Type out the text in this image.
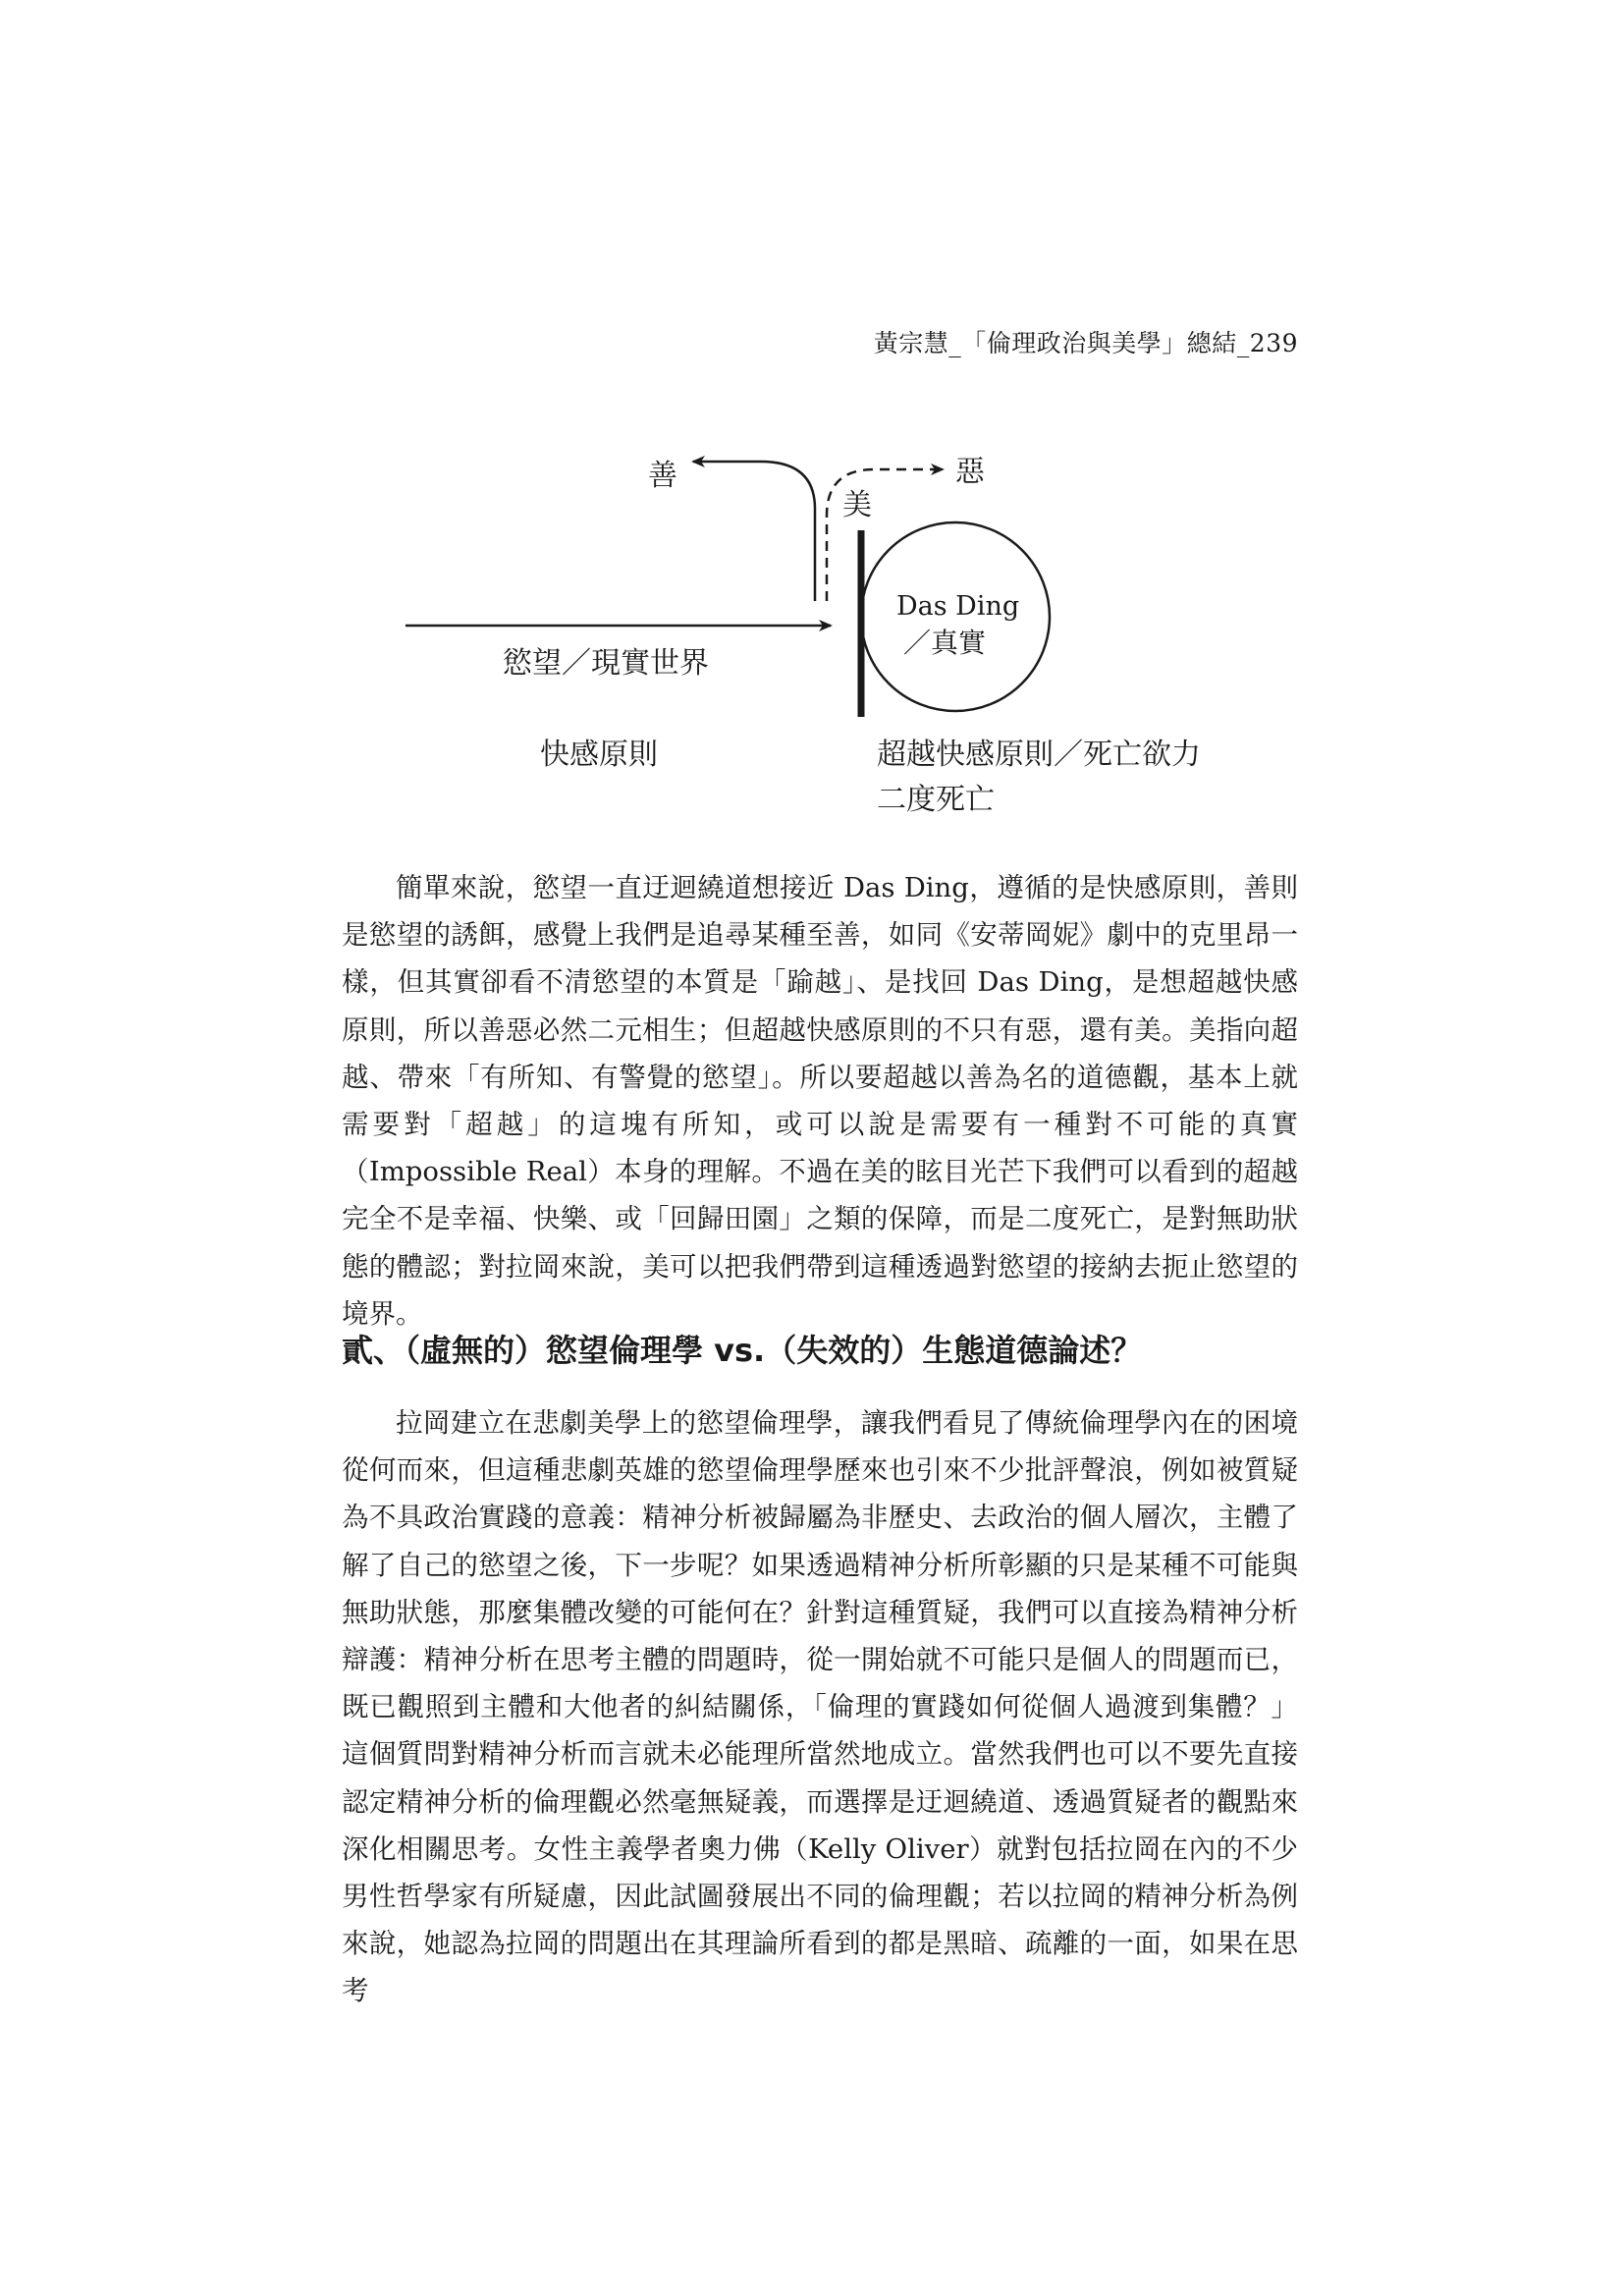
黃宗慧_「倫理政治與美學」總結_239
善	惡
美
Das Ding
／真實
慾望／現實世界
快感原則	超越快感原則／死亡欲力
二度死亡

簡單來說，慾望一直迂迴繞道想接近 Das Ding，遵循的是快感原則，善則是慾望的誘餌，感覺上我們是追尋某種至善，如同《安蒂岡妮》劇中的克里昂一樣，但其實卻看不清慾望的本質是「踰越」、是找回 Das Ding，是想超越快感原則，所以善惡必然二元相生；但超越快感原則的不只有惡，還有美。美指向超越、帶來「有所知、有警覺的慾望」。所以要超越以善為名的道德觀，基本上就需要對「超越」的這塊有所知，或可以說是需要有一種對不可能的真實（Impossible Real）本身的理解。不過在美的眩目光芒下我們可以看到的超越完全不是幸福、快樂、或「回歸田園」之類的保障，而是二度死亡，是對無助狀態的體認；對拉岡來說，美可以把我們帶到這種透過對慾望的接納去扼止慾望的境界。

貳、（虛無的）慾望倫理學 vs.（失效的）生態道德論述？

拉岡建立在悲劇美學上的慾望倫理學，讓我們看見了傳統倫理學內在的困境從何而來，但這種悲劇英雄的慾望倫理學歷來也引來不少批評聲浪，例如被質疑為不具政治實踐的意義：精神分析被歸屬為非歷史、去政治的個人層次，主體了解了自己的慾望之後，下一步呢？如果透過精神分析所彰顯的只是某種不可能與無助狀態，那麼集體改變的可能何在？針對這種質疑，我們可以直接為精神分析辯護：精神分析在思考主體的問題時，從一開始就不可能只是個人的問題而已，既已觀照到主體和大他者的糾結關係，「倫理的實踐如何從個人過渡到集體？」這個質問對精神分析而言就未必能理所當然地成立。當然我們也可以不要先直接認定精神分析的倫理觀必然毫無疑義，而選擇是迂迴繞道、透過質疑者的觀點來深化相關思考。女性主義學者奧力佛（Kelly Oliver）就對包括拉岡在內的不少男性哲學家有所疑慮，因此試圖發展出不同的倫理觀；若以拉岡的精神分析為例來說，她認為拉岡的問題出在其理論所看到的都是黑暗、疏離的一面，如果在思考
